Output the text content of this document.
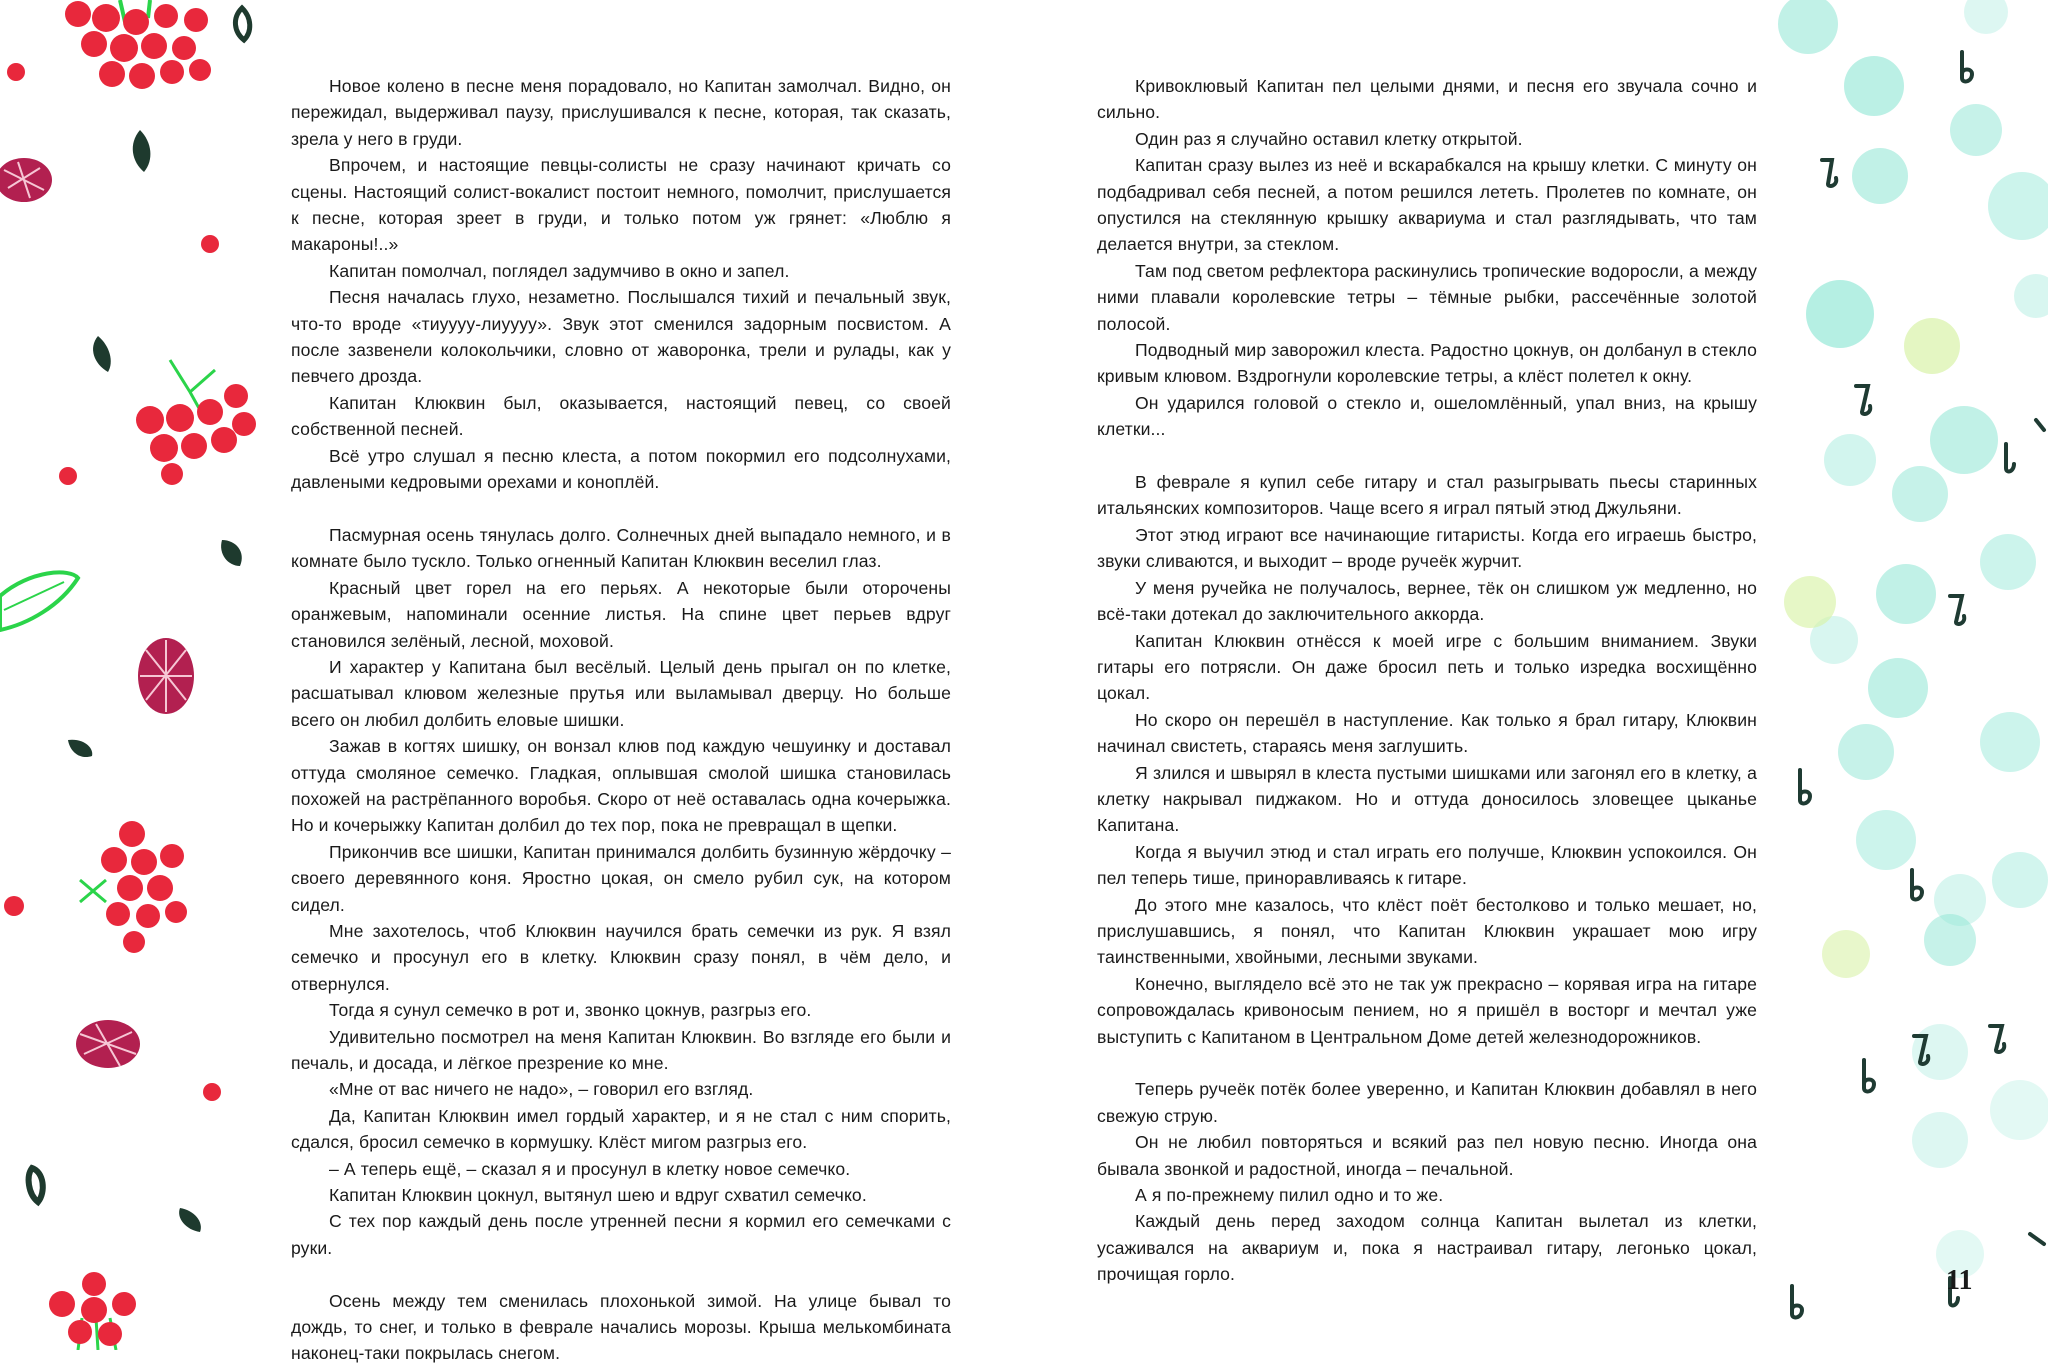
Новое колено в песне меня порадовало, но Капитан замолчал. Видно, он пережидал, выдерживал паузу, прислушивался к песне, которая, так сказать, зрела у него в груди.

Впрочем, и настоящие певцы-солисты не сразу начинают кричать со сцены. Настоящий солист-вокалист постоит немного, помолчит, прислушается к песне, которая зреет в груди, и только потом уж грянет: «Люблю я макароны!..»

Капитан помолчал, поглядел задумчиво в окно и запел.

Песня началась глухо, незаметно. Послышался тихий и печальный звук, что-то вроде «тиуууу-лиуууу». Звук этот сменился задорным посвистом. А после зазвенели колокольчики, словно от жаворонка, трели и рулады, как у певчего дрозда.

Капитан Клюквин был, оказывается, настоящий певец, со своей собственной песней.

Всё утро слушал я песню клеста, а потом покормил его подсолнухами, давлеными кедровыми орехами и коноплёй.

Пасмурная осень тянулась долго. Солнечных дней выпадало немного, и в комнате было тускло. Только огненный Капитан Клюквин веселил глаз.

Красный цвет горел на его перьях. А некоторые были оторочены оранжевым, напоминали осенние листья. На спине цвет перьев вдруг становился зелёный, лесной, моховой.

И характер у Капитана был весёлый. Целый день прыгал он по клетке, расшатывал клювом железные прутья или выламывал дверцу. Но больше всего он любил долбить еловые шишки.

Зажав в когтях шишку, он вонзал клюв под каждую чешуинку и доставал оттуда смоляное семечко. Гладкая, оплывшая смолой шишка становилась похожей на растрёпанного воробья. Скоро от неё оставалась одна кочерыжка. Но и кочерыжку Капитан долбил до тех пор, пока не превращал в щепки.

Прикончив все шишки, Капитан принимался долбить бузинную жёрдочку – своего деревянного коня. Яростно цокая, он смело рубил сук, на котором сидел.

Мне захотелось, чтоб Клюквин научился брать семечки из рук. Я взял семечко и просунул его в клетку. Клюквин сразу понял, в чём дело, и отвернулся.

Тогда я сунул семечко в рот и, звонко цокнув, разгрыз его.

Удивительно посмотрел на меня Капитан Клюквин. Во взгляде его были и печаль, и досада, и лёгкое презрение ко мне.

«Мне от вас ничего не надо», – говорил его взгляд.

Да, Капитан Клюквин имел гордый характер, и я не стал с ним спорить, сдался, бросил семечко в кормушку. Клёст мигом разгрыз его.

– А теперь ещё, – сказал я и просунул в клетку новое семечко.

Капитан Клюквин цокнул, вытянул шею и вдруг схватил семечко.

С тех пор каждый день после утренней песни я кормил его семечками с руки.

Осень между тем сменилась плохонькой зимой. На улице бывал то дождь, то снег, и только в феврале начались морозы. Крыша мелькомбината наконец-таки покрылась снегом.

Кривоклювый Капитан пел целыми днями, и песня его звучала сочно и сильно.

Один раз я случайно оставил клетку открытой.

Капитан сразу вылез из неё и вскарабкался на крышу клетки. С минуту он подбадривал себя песней, а потом решился лететь. Пролетев по комнате, он опустился на стеклянную крышку аквариума и стал разглядывать, что там делается внутри, за стеклом.

Там под светом рефлектора раскинулись тропические водоросли, а между ними плавали королевские тетры – тёмные рыбки, рассечённые золотой полосой.

Подводный мир заворожил клеста. Радостно цокнув, он долбанул в стекло кривым клювом. Вздрогнули королевские тетры, а клёст полетел к окну.

Он ударился головой о стекло и, ошеломлённый, упал вниз, на крышу клетки...

В феврале я купил себе гитару и стал разыгрывать пьесы старинных итальянских композиторов. Чаще всего я играл пятый этюд Джульяни.

Этот этюд играют все начинающие гитаристы. Когда его играешь быстро, звуки сливаются, и выходит – вроде ручеёк журчит.

У меня ручейка не получалось, вернее, тёк он слишком уж медленно, но всё-таки дотекал до заключительного аккорда.

Капитан Клюквин отнёсся к моей игре с большим вниманием. Звуки гитары его потрясли. Он даже бросил петь и только изредка восхищённо цокал.

Но скоро он перешёл в наступление. Как только я брал гитару, Клюквин начинал свистеть, стараясь меня заглушить.

Я злился и швырял в клеста пустыми шишками или загонял его в клетку, а клетку накрывал пиджаком. Но и оттуда доносилось зловещее цыканье Капитана.

Когда я выучил этюд и стал играть его получше, Клюквин успокоился. Он пел теперь тише, приноравливаясь к гитаре.

До этого мне казалось, что клёст поёт бестолково и только мешает, но, прислушавшись, я понял, что Капитан Клюквин украшает мою игру таинственными, хвойными, лесными звуками.

Конечно, выглядело всё это не так уж прекрасно – корявая игра на гитаре сопровождалась кривоносым пением, но я пришёл в восторг и мечтал уже выступить с Капитаном в Центральном Доме детей железнодорожников.

Теперь ручеёк потёк более уверенно, и Капитан Клюквин добавлял в него свежую струю.

Он не любил повторяться и всякий раз пел новую песню. Иногда она бывала звонкой и радостной, иногда – печальной.

А я по-прежнему пилил одно и то же.

Каждый день перед заходом солнца Капитан вылетал из клетки, усаживался на аквариум и, пока я настраивал гитару, легонько цокал, прочищая горло.	11
